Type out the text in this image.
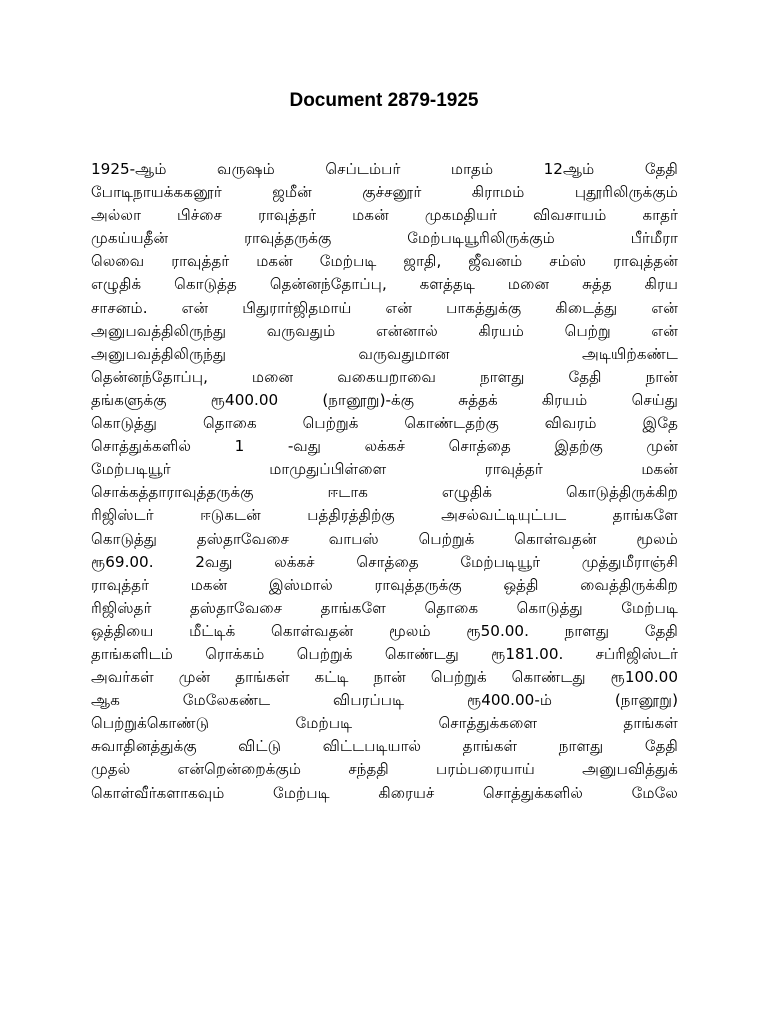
Document 2879-1925
1925-ஆம் வருஷம் செப்டம்பர் மாதம் 12ஆம் தேதி
போடிநாயக்ககனூர் ஜமீன் குச்சனூர் கிராமம் புதூரிலிருக்கும்
அல்லா பிச்சை ராவுத்தர் மகன் முகமதியர் விவசாயம் காதர்
முகய்யதீன் ராவுத்தருக்கு மேற்படியூரிலிருக்கும் பீர்மீரா
லெவை ராவுத்தர் மகன் மேற்படி ஜாதி, ஜீவனம் சம்ஸ் ராவுத்தன்
எழுதிக் கொடுத்த தென்னந்தோப்பு, களத்தடி மனை சுத்த கிரய
சாசனம். என் பிதுரார்ஜிதமாய் என் பாகத்துக்கு கிடைத்து என்
அனுபவத்திலிருந்து வருவதும் என்னால் கிரயம் பெற்று என்
அனுபவத்திலிருந்து வருவதுமான அடியிற்கண்ட
தென்னந்தோப்பு, மனை வகையறாவை நாளது தேதி நான்
தங்களுக்கு ரூ400.00 (நானூறு)-க்கு சுத்தக் கிரயம் செய்து
கொடுத்து தொகை பெற்றுக் கொண்டதற்கு விவரம் இதே
சொத்துக்களில் 1 -வது லக்கச் சொத்தை இதற்கு முன்
மேற்படியூர் மாமுதுப்பிள்ளை ராவுத்தர் மகன்
சொக்கத்தாராவுத்தருக்கு ஈடாக எழுதிக் கொடுத்திருக்கிற
ரிஜிஸ்டர் ஈடுகடன் பத்திரத்திற்கு அசல்வட்டியுட்பட தாங்களே
கொடுத்து தஸ்தாவேசை வாபஸ் பெற்றுக் கொள்வதன் மூலம்
ரூ69.00. 2வது லக்கச் சொத்தை மேற்படியூர் முத்துமீராஞ்சி
ராவுத்தர் மகன் இஸ்மால் ராவுத்தருக்கு ஒத்தி வைத்திருக்கிற
ரிஜிஸ்தர் தஸ்தாவேசை தாங்களே தொகை கொடுத்து மேற்படி
ஒத்தியை மீட்டிக் கொள்வதன் மூலம் ரூ50.00. நாளது தேதி
தாங்களிடம் ரொக்கம் பெற்றுக் கொண்டது ரூ181.00. சப்ரிஜிஸ்டர்
அவர்கள் முன் தாங்கள் கட்டி நான் பெற்றுக் கொண்டது ரூ100.00
ஆக மேலேகண்ட விபரப்படி ரூ400.00-ம் (நானூறு)
பெற்றுக்கொண்டு மேற்படி சொத்துக்களை தாங்கள்
சுவாதினத்துக்கு விட்டு விட்டபடியால் தாங்கள் நாளது தேதி
முதல் என்றென்றைக்கும் சந்ததி பரம்பரையாய் அனுபவித்துக்
கொள்வீர்களாகவும் மேற்படி கிரையச் சொத்துக்களில் மேலே
